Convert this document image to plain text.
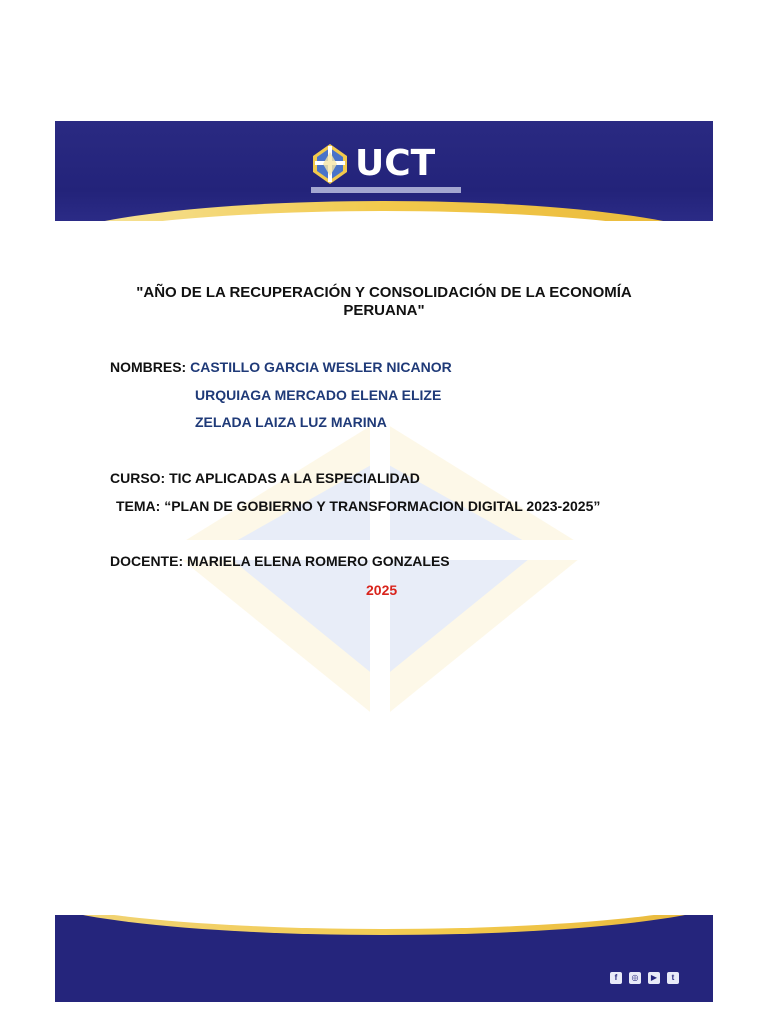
UCT
"AÑO DE LA RECUPERACIÓN Y CONSOLIDACIÓN DE LA ECONOMÍA PERUANA"
NOMBRES: CASTILLO GARCIA WESLER NICANOR
URQUIAGA MERCADO ELENA ELIZE
ZELADA LAIZA LUZ MARINA
CURSO: TIC APLICADAS A LA ESPECIALIDAD
TEMA: “PLAN DE GOBIERNO Y TRANSFORMACION DIGITAL 2023-2025”
DOCENTE: MARIELA ELENA ROMERO GONZALES
2025
f	◎	▶	t
